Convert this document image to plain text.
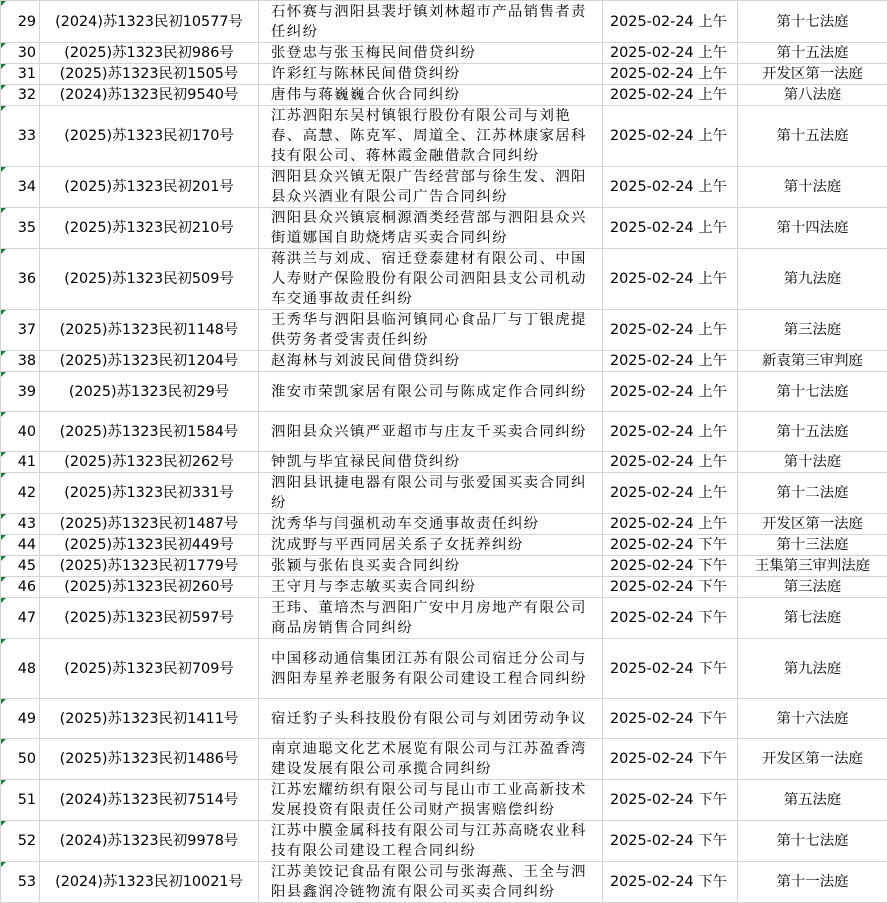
29	(2024)苏1323民初10577号	石怀赛与泗阳县裴圩镇刘林超市产品销售者责任纠纷	2025-02-24 上午	第十七法庭

30	(2025)苏1323民初986号	张登忠与张玉梅民间借贷纠纷	2025-02-24 上午	第十五法庭

31	(2025)苏1323民初1505号	许彩红与陈林民间借贷纠纷	2025-02-24 上午	开发区第一法庭

32	(2024)苏1323民初9540号	唐伟与蒋巍巍合伙合同纠纷	2025-02-24 上午	第八法庭

33	(2025)苏1323民初170号	江苏泗阳东吴村镇银行股份有限公司与刘艳春、高慧、陈克军、周道全、江苏林康家居科技有限公司、蒋林霞金融借款合同纠纷	2025-02-24 上午	第十五法庭

34	(2025)苏1323民初201号	泗阳县众兴镇无限广告经营部与徐生发、泗阳县众兴酒业有限公司广告合同纠纷	2025-02-24 上午	第十法庭

35	(2025)苏1323民初210号	泗阳县众兴镇宸桐源酒类经营部与泗阳县众兴街道娜国自助烧烤店买卖合同纠纷	2025-02-24 上午	第十四法庭

36	(2025)苏1323民初509号	蒋洪兰与刘成、宿迁登泰建材有限公司、中国人寿财产保险股份有限公司泗阳县支公司机动车交通事故责任纠纷	2025-02-24 上午	第九法庭

37	(2025)苏1323民初1148号	王秀华与泗阳县临河镇同心食品厂与丁银虎提供劳务者受害责任纠纷	2025-02-24 上午	第三法庭

38	(2025)苏1323民初1204号	赵海林与刘波民间借贷纠纷	2025-02-24 上午	新袁第三审判庭

39	(2025)苏1323民初29号	淮安市荣凯家居有限公司与陈成定作合同纠纷	2025-02-24 上午	第十七法庭

40	(2025)苏1323民初1584号	泗阳县众兴镇严亚超市与庄友千买卖合同纠纷	2025-02-24 上午	第十五法庭

41	(2025)苏1323民初262号	钟凯与毕宜禄民间借贷纠纷	2025-02-24 上午	第十法庭

42	(2025)苏1323民初331号	泗阳县讯捷电器有限公司与张爱国买卖合同纠纷	2025-02-24 上午	第十二法庭

43	(2025)苏1323民初1487号	沈秀华与闫强机动车交通事故责任纠纷	2025-02-24 上午	开发区第一法庭

44	(2025)苏1323民初449号	沈成野与平西同居关系子女抚养纠纷	2025-02-24 下午	第十三法庭

45	(2025)苏1323民初1779号	张颖与张佑良买卖合同纠纷	2025-02-24 下午	王集第三审判法庭

46	(2025)苏1323民初260号	王守月与李志敏买卖合同纠纷	2025-02-24 下午	第三法庭

47	(2025)苏1323民初597号	王玮、董培杰与泗阳广安中月房地产有限公司商品房销售合同纠纷	2025-02-24 下午	第七法庭

48	(2025)苏1323民初709号	中国移动通信集团江苏有限公司宿迁分公司与泗阳寿星养老服务有限公司建设工程合同纠纷	2025-02-24 下午	第九法庭

49	(2025)苏1323民初1411号	宿迁豹子头科技股份有限公司与刘团劳动争议	2025-02-24 下午	第十六法庭

50	(2025)苏1323民初1486号	南京迪聪文化艺术展览有限公司与江苏盈香湾建设发展有限公司承揽合同纠纷	2025-02-24 下午	开发区第一法庭

51	(2024)苏1323民初7514号	江苏宏耀纺织有限公司与昆山市工业高新技术发展投资有限责任公司财产损害赔偿纠纷	2025-02-24 下午	第五法庭

52	(2024)苏1323民初9978号	江苏中膜金属科技有限公司与江苏高晓农业科技有限公司建设工程合同纠纷	2025-02-24 下午	第十七法庭

53	(2024)苏1323民初10021号	江苏美饺记食品有限公司与张海燕、王全与泗阳县鑫润冷链物流有限公司买卖合同纠纷	2025-02-24 下午	第十一法庭
